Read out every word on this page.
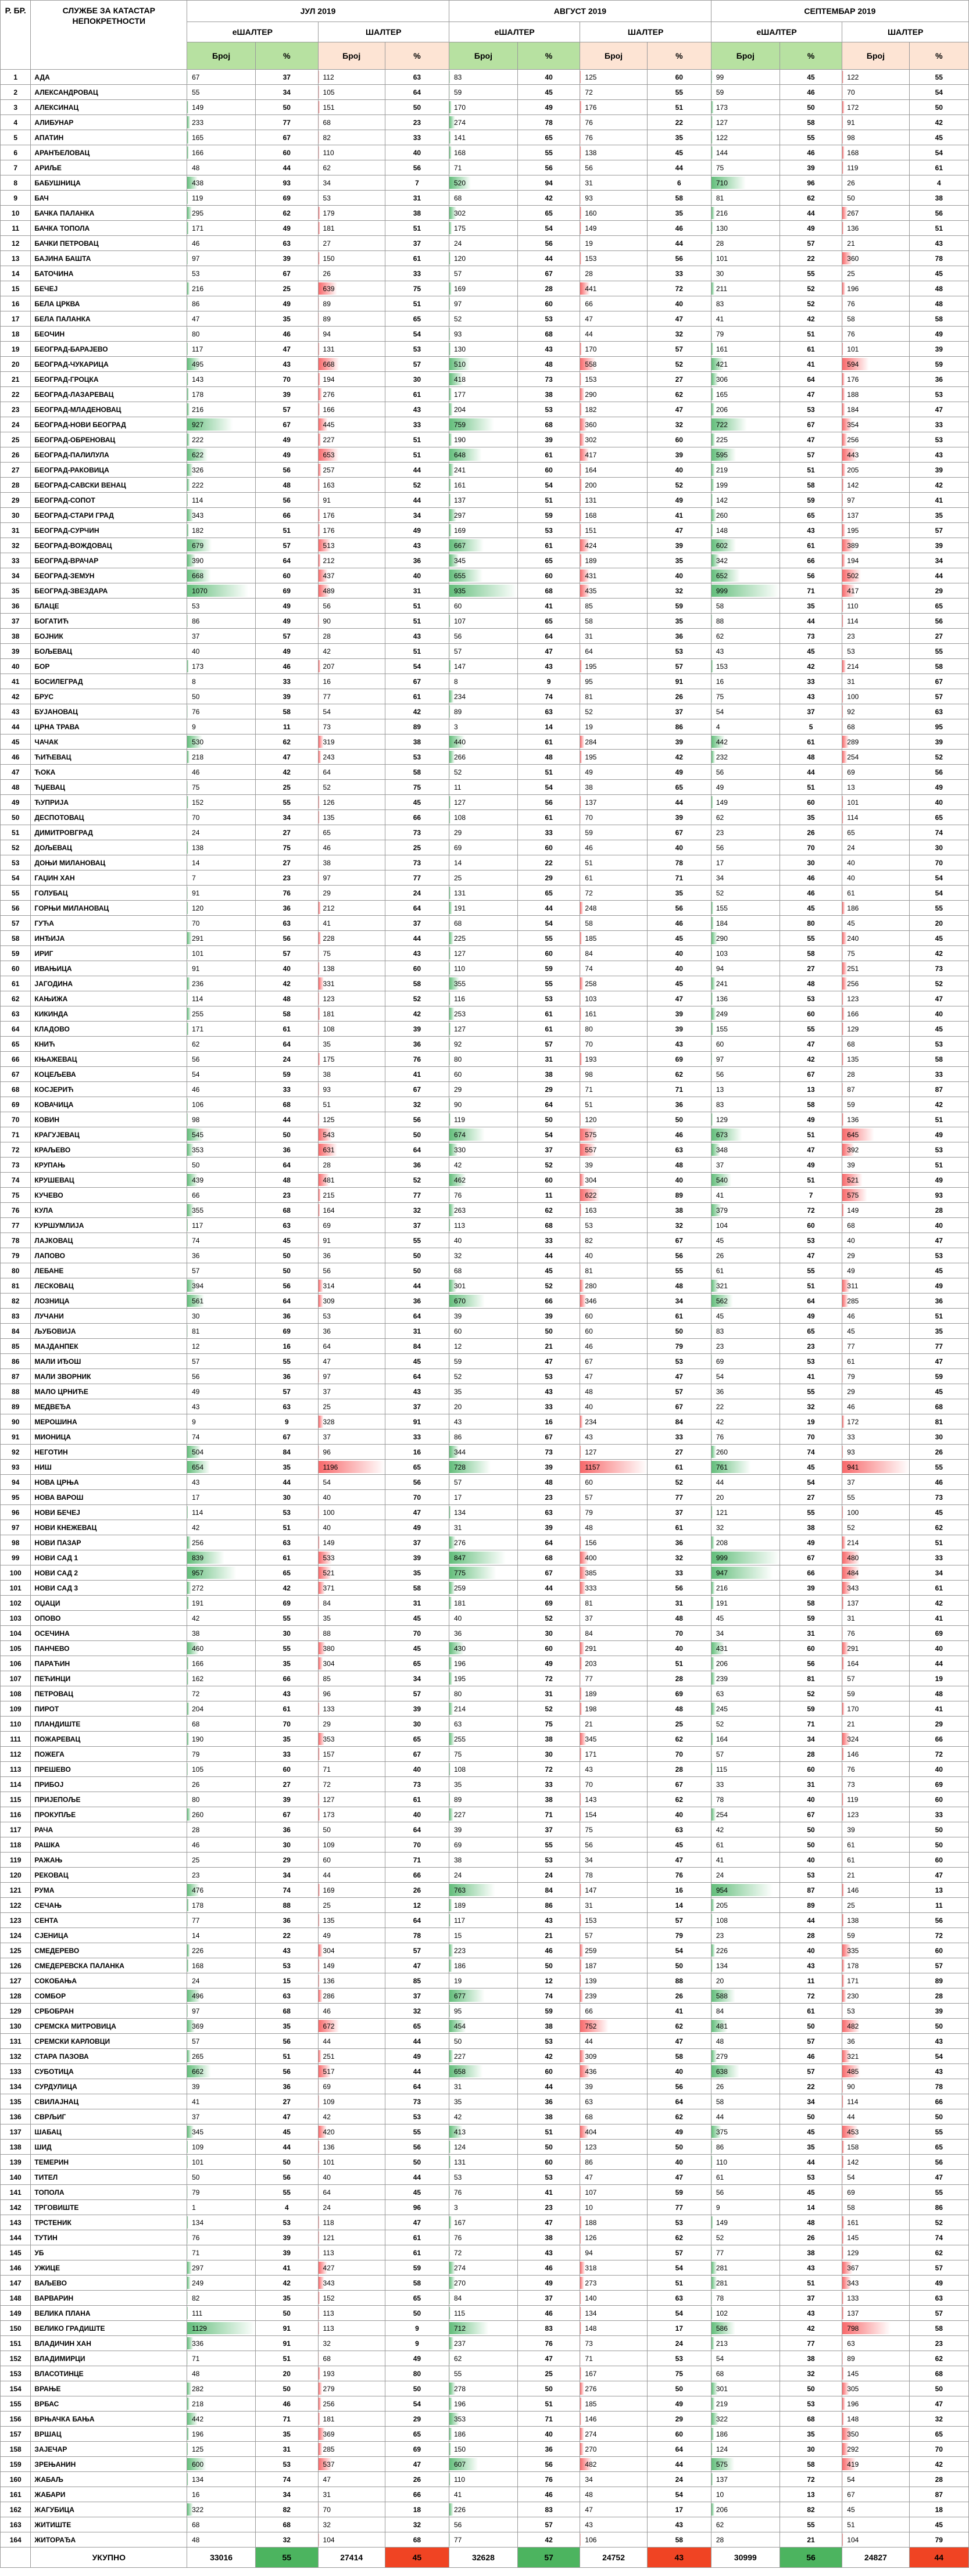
Р. БР.	СЛУЖБЕ ЗА КАТАСТАР НЕПОКРЕТНОСТИ	ЈУЛ 2019				АВГУСТ 2019				СЕПТЕМБАР 2019			
		еШАЛТЕР		ШАЛТЕР		еШАЛТЕР		ШАЛТЕР		еШАЛТЕР		ШАЛТЕР	
		Број	%	Број	%	Број	%	Број	%	Број	%	Број	%
1	АДА	67	37	112	63	83	40	125	60	99	45	122	55
2	АЛЕКСАНДРОВАЦ	55	34	105	64	59	45	72	55	59	46	70	54
3	АЛЕКСИНАЦ	149	50	151	50	170	49	176	51	173	50	172	50
4	АЛИБУНАР	233	77	68	23	274	78	76	22	127	58	91	42
5	АПАТИН	165	67	82	33	141	65	76	35	122	55	98	45
6	АРАНЂЕЛОВАЦ	166	60	110	40	168	55	138	45	144	46	168	54
7	АРИЉЕ	48	44	62	56	71	56	56	44	75	39	119	61
8	БАБУШНИЦА	438	93	34	7	520	94	31	6	710	96	26	4
9	БАЧ	119	69	53	31	68	42	93	58	81	62	50	38
10	БАЧКА ПАЛАНКА	295	62	179	38	302	65	160	35	216	44	267	56
11	БАЧКА ТОПОЛА	171	49	181	51	175	54	149	46	130	49	136	51
12	БАЧКИ ПЕТРОВАЦ	46	63	27	37	24	56	19	44	28	57	21	43
13	БАЈИНА БАШТА	97	39	150	61	120	44	153	56	101	22	360	78
14	БАТОЧИНА	53	67	26	33	57	67	28	33	30	55	25	45
15	БЕЧЕЈ	216	25	639	75	169	28	441	72	211	52	196	48
16	БЕЛА ЦРКВА	86	49	89	51	97	60	66	40	83	52	76	48
17	БЕЛА ПАЛАНКА	47	35	89	65	52	53	47	47	41	42	58	58
18	БЕОЧИН	80	46	94	54	93	68	44	32	79	51	76	49
19	БЕОГРАД-БАРАЈЕВО	117	47	131	53	130	43	170	57	161	61	101	39
20	БЕОГРАД-ЧУКАРИЦА	495	43	668	57	510	48	558	52	421	41	594	59
21	БЕОГРАД-ГРОЦКА	143	70	194	30	418	73	153	27	306	64	176	36
22	БЕОГРАД-ЛАЗАРЕВАЦ	178	39	276	61	177	38	290	62	165	47	188	53
23	БЕОГРАД-МЛАДЕНОВАЦ	216	57	166	43	204	53	182	47	206	53	184	47
24	БЕОГРАД-НОВИ БЕОГРАД	927	67	445	33	759	68	360	32	722	67	354	33
25	БЕОГРАД-ОБРЕНОВАЦ	222	49	227	51	190	39	302	60	225	47	256	53
26	БЕОГРАД-ПАЛИЛУЛА	622	49	653	51	648	61	417	39	595	57	443	43
27	БЕОГРАД-РАКОВИЦА	326	56	257	44	241	60	164	40	219	51	205	39
28	БЕОГРАД-САВСКИ ВЕНАЦ	222	48	163	52	161	54	200	52	199	58	142	42
29	БЕОГРАД-СОПОТ	114	56	91	44	137	51	131	49	142	59	97	41
30	БЕОГРАД-СТАРИ ГРАД	343	66	176	34	297	59	168	41	260	65	137	35
31	БЕОГРАД-СУРЧИН	182	51	176	49	169	53	151	47	148	43	195	57
32	БЕОГРАД-ВОЖДОВАЦ	679	57	513	43	667	61	424	39	602	61	389	39
33	БЕОГРАД-ВРАЧАР	390	64	212	36	345	65	189	35	342	66	194	34
34	БЕОГРАД-ЗЕМУН	668	60	437	40	655	60	431	40	652	56	502	44
35	БЕОГРАД-ЗВЕЗДАРА	1070	69	489	31	935	68	435	32	999	71	417	29
36	БЛАЦЕ	53	49	56	51	60	41	85	59	58	35	110	65
37	БОГАТИЋ	86	49	90	51	107	65	58	35	88	44	114	56
38	БОЈНИК	37	57	28	43	56	64	31	36	62	73	23	27
39	БОЉЕВАЦ	40	49	42	51	57	47	64	53	43	45	53	55
40	БОР	173	46	207	54	147	43	195	57	153	42	214	58
41	БОСИЛЕГРАД	8	33	16	67	8	9	95	91	16	33	31	67
42	БРУС	50	39	77	61	234	74	81	26	75	43	100	57
43	БУЈАНОВАЦ	76	58	54	42	89	63	52	37	54	37	92	63
44	ЦРНА ТРАВА	9	11	73	89	3	14	19	86	4	5	68	95
45	ЧАЧАК	530	62	319	38	440	61	284	39	442	61	289	39
46	ЋИЋЕВАЦ	218	47	243	53	266	48	195	42	232	48	254	52
47	ЋОКА	46	42	64	58	52	51	49	49	56	44	69	56
48	ЋЏЕВАЦ	75	25	52	75	11	54	38	65	49	51	13	49
49	ЋУПРИЈА	152	55	126	45	127	56	137	44	149	60	101	40
50	ДЕСПОТОВАЦ	70	34	135	66	108	61	70	39	62	35	114	65
51	ДИМИТРОВГРАД	24	27	65	73	29	33	59	67	23	26	65	74
52	ДОЉЕВАЦ	138	75	46	25	69	60	46	40	56	70	24	30
53	ДОЊИ МИЛАНОВАЦ	14	27	38	73	14	22	51	78	17	30	40	70
54	ГАЏИН ХАН	7	23	97	77	25	29	61	71	34	46	40	54
55	ГОЛУБАЦ	91	76	29	24	131	65	72	35	52	46	61	54
56	ГОРЊИ МИЛАНОВАЦ	120	36	212	64	191	44	248	56	155	45	186	55
57	ГУЋА	70	63	41	37	68	54	58	46	184	80	45	20
58	ИНЂИЈА	291	56	228	44	225	55	185	45	290	55	240	45
59	ИРИГ	101	57	75	43	127	60	84	40	103	58	75	42
60	ИВАЊИЦА	91	40	138	60	110	59	74	40	94	27	251	73
61	ЈАГОДИНА	236	42	331	58	355	55	258	45	241	48	256	52
62	КАЊИЖА	114	48	123	52	116	53	103	47	136	53	123	47
63	КИКИНДА	255	58	181	42	253	61	161	39	249	60	166	40
64	КЛАДОВО	171	61	108	39	127	61	80	39	155	55	129	45
65	КНИЋ	62	64	35	36	92	57	70	43	60	47	68	53
66	КЊАЖЕВАЦ	56	24	175	76	80	31	193	69	97	42	135	58
67	КОЦЕЉЕВА	54	59	38	41	60	38	98	62	56	67	28	33
68	КОСЈЕРИЋ	46	33	93	67	29	29	71	71	13	13	87	87
69	КОВАЧИЦА	106	68	51	32	90	64	51	36	83	58	59	42
70	КОВИН	98	44	125	56	119	50	120	50	129	49	136	51
71	КРАГУЈЕВАЦ	545	50	543	50	674	54	575	46	673	51	645	49
72	КРАЉЕВО	353	36	631	64	330	37	557	63	348	47	392	53
73	КРУПАЊ	50	64	28	36	42	52	39	48	37	49	39	51
74	КРУШЕВАЦ	439	48	481	52	462	60	304	40	540	51	521	49
75	КУЧЕВО	66	23	215	77	76	11	622	89	41	7	575	93
76	КУЛА	355	68	164	32	263	62	163	38	379	72	149	28
77	КУРШУМЛИЈА	117	63	69	37	113	68	53	32	104	60	68	40
78	ЛАЈКОВАЦ	74	45	91	55	40	33	82	67	45	53	40	47
79	ЛАПОВО	36	50	36	50	32	44	40	56	26	47	29	53
80	ЛЕБАНЕ	57	50	56	50	68	45	81	55	61	55	49	45
81	ЛЕСКОВАЦ	394	56	314	44	301	52	280	48	321	51	311	49
82	ЛОЗНИЦА	561	64	309	36	670	66	346	34	562	64	285	36
83	ЛУЧАНИ	30	36	53	64	39	39	60	61	45	49	46	51
84	ЉУБОВИЈА	81	69	36	31	60	50	60	50	83	65	45	35
85	МАЈДАНПЕК	12	16	64	84	12	21	46	79	23	23	77	77
86	МАЛИ ИЂОШ	57	55	47	45	59	47	67	53	69	53	61	47
87	МАЛИ ЗВОРНИК	56	36	97	64	52	53	47	47	54	41	79	59
88	МАЛО ЦРНИЋЕ	49	57	37	43	35	43	48	57	36	55	29	45
89	МЕДВЕЂА	43	63	25	37	20	33	40	67	22	32	46	68
90	МЕРОШИНА	9	9	328	91	43	16	234	84	42	19	172	81
91	МИОНИЦА	74	67	37	33	86	67	43	33	76	70	33	30
92	НЕГОТИН	504	84	96	16	344	73	127	27	260	74	93	26
93	НИШ	654	35	1196	65	728	39	1157	61	761	45	941	55
94	НОВА ЦРЊА	43	44	54	56	57	48	60	52	44	54	37	46
95	НОВА ВАРОШ	17	30	40	70	17	23	57	77	20	27	55	73
96	НОВИ БЕЧЕЈ	114	53	100	47	134	63	79	37	121	55	100	45
97	НОВИ КНЕЖЕВАЦ	42	51	40	49	31	39	48	61	32	38	52	62
98	НОВИ ПАЗАР	256	63	149	37	276	64	156	36	208	49	214	51
99	НОВИ САД 1	839	61	533	39	847	68	400	32	999	67	480	33
100	НОВИ САД 2	957	65	521	35	775	67	385	33	947	66	484	34
101	НОВИ САД 3	272	42	371	58	259	44	333	56	216	39	343	61
102	ОЏАЦИ	191	69	84	31	181	69	81	31	191	58	137	42
103	ОПОВО	42	55	35	45	40	52	37	48	45	59	31	41
104	ОСЕЧИНА	38	30	88	70	36	30	84	70	34	31	76	69
105	ПАНЧЕВО	460	55	380	45	430	60	291	40	431	60	291	40
106	ПАРАЋИН	166	35	304	65	196	49	203	51	206	56	164	44
107	ПЕЋИНЦИ	162	66	85	34	195	72	77	28	239	81	57	19
108	ПЕТРОВАЦ	72	43	96	57	80	31	189	69	63	52	59	48
109	ПИРОТ	204	61	133	39	214	52	198	48	245	59	170	41
110	ПЛАНДИШТЕ	68	70	29	30	63	75	21	25	52	71	21	29
111	ПОЖАРЕВАЦ	190	35	353	65	255	38	345	62	164	34	324	66
112	ПОЖЕГА	79	33	157	67	75	30	171	70	57	28	146	72
113	ПРЕШЕВО	105	60	71	40	108	72	43	28	115	60	76	40
114	ПРИБОЈ	26	27	72	73	35	33	70	67	33	31	73	69
115	ПРИЈЕПОЉЕ	80	39	127	61	89	38	143	62	78	40	119	60
116	ПРОКУПЉЕ	260	67	173	40	227	71	154	40	254	67	123	33
117	РАЧА	28	36	50	64	39	37	75	63	42	50	39	50
118	РАШКА	46	30	109	70	69	55	56	45	61	50	61	50
119	РАЖАЊ	25	29	60	71	38	53	34	47	41	40	61	60
120	РЕКОВАЦ	23	34	44	66	24	24	78	76	24	53	21	47
121	РУМА	476	74	169	26	763	84	147	16	954	87	146	13
122	СЕЧАЊ	178	88	25	12	189	86	31	14	205	89	25	11
123	СЕНТА	77	36	135	64	117	43	153	57	108	44	138	56
124	СЈЕНИЦА	14	22	49	78	15	21	57	79	23	28	59	72
125	СМЕДЕРЕВО	226	43	304	57	223	46	259	54	226	40	335	60
126	СМЕДЕРЕВСКА ПАЛАНКА	168	53	149	47	186	50	187	50	134	43	178	57
127	СОКОБАЊА	24	15	136	85	19	12	139	88	20	11	171	89
128	СОМБОР	496	63	286	37	677	74	239	26	588	72	230	28
129	СРБОБРАН	97	68	46	32	95	59	66	41	84	61	53	39
130	СРЕМСКА МИТРОВИЦА	369	35	672	65	454	38	752	62	481	50	482	50
131	СРЕМСКИ КАРЛОВЦИ	57	56	44	44	50	53	44	47	48	57	36	43
132	СТАРА ПАЗОВА	265	51	251	49	227	42	309	58	279	46	321	54
133	СУБОТИЦА	662	56	517	44	658	60	436	40	638	57	485	43
134	СУРДУЛИЦА	39	36	69	64	31	44	39	56	26	22	90	78
135	СВИЛАЈНАЦ	41	27	109	73	35	36	63	64	58	34	114	66
136	СВРЉИГ	37	47	42	53	42	38	68	62	44	50	44	50
137	ШАБАЦ	345	45	420	55	413	51	404	49	375	45	453	55
138	ШИД	109	44	136	56	124	50	123	50	86	35	158	65
139	ТЕМЕРИН	101	50	101	50	131	60	86	40	110	44	142	56
140	ТИТЕЛ	50	56	40	44	53	53	47	47	61	53	54	47
141	ТОПОЛА	79	55	64	45	76	41	107	59	56	45	69	55
142	ТРГОВИШТЕ	1	4	24	96	3	23	10	77	9	14	58	86
143	ТРСТЕНИК	134	53	118	47	167	47	188	53	149	48	161	52
144	ТУТИН	76	39	121	61	76	38	126	62	52	26	145	74
145	УБ	71	39	113	61	72	43	94	57	77	38	129	62
146	УЖИЦЕ	297	41	427	59	274	46	318	54	281	43	367	57
147	ВАЉЕВО	249	42	343	58	270	49	273	51	281	51	343	49
148	ВАРВАРИН	82	35	152	65	84	37	140	63	78	37	133	63
149	ВЕЛИКА ПЛАНА	111	50	113	50	115	46	134	54	102	43	137	57
150	ВЕЛИКО ГРАДИШТЕ	1129	91	113	9	712	83	148	17	586	42	798	58
151	ВЛАДИЧИН ХАН	336	91	32	9	237	76	73	24	213	77	63	23
152	ВЛАДИМИРЦИ	71	51	68	49	62	47	71	53	54	38	89	62
153	ВЛАСОТИНЦЕ	48	20	193	80	55	25	167	75	68	32	145	68
154	ВРАЊЕ	282	50	279	50	278	50	276	50	301	50	305	50
155	ВРБАС	218	46	256	54	196	51	185	49	219	53	196	47
156	ВРЊАЧКА БАЊА	442	71	181	29	353	71	146	29	322	68	148	32
157	ВРШАЦ	196	35	369	65	186	40	274	60	186	35	350	65
158	ЗАЈЕЧАР	125	31	285	69	150	36	270	64	124	30	292	70
159	ЗРЕЊАНИН	600	53	537	47	607	56	482	44	575	58	419	42
160	ЖАБАЉ	134	74	47	26	110	76	34	24	137	72	54	28
161	ЖАБАРИ	16	34	31	66	41	46	48	54	10	13	67	87
162	ЖАГУБИЦА	322	82	70	18	226	83	47	17	206	82	45	18
163	ЖИТИШТЕ	68	68	32	32	56	57	43	43	62	55	51	45
164	ЖИТОРАЂА	48	32	104	68	77	42	106	58	28	21	104	79
	УКУПНО	33016	55	27414	45	32628	57	24752	43	30999	56	24827	44
